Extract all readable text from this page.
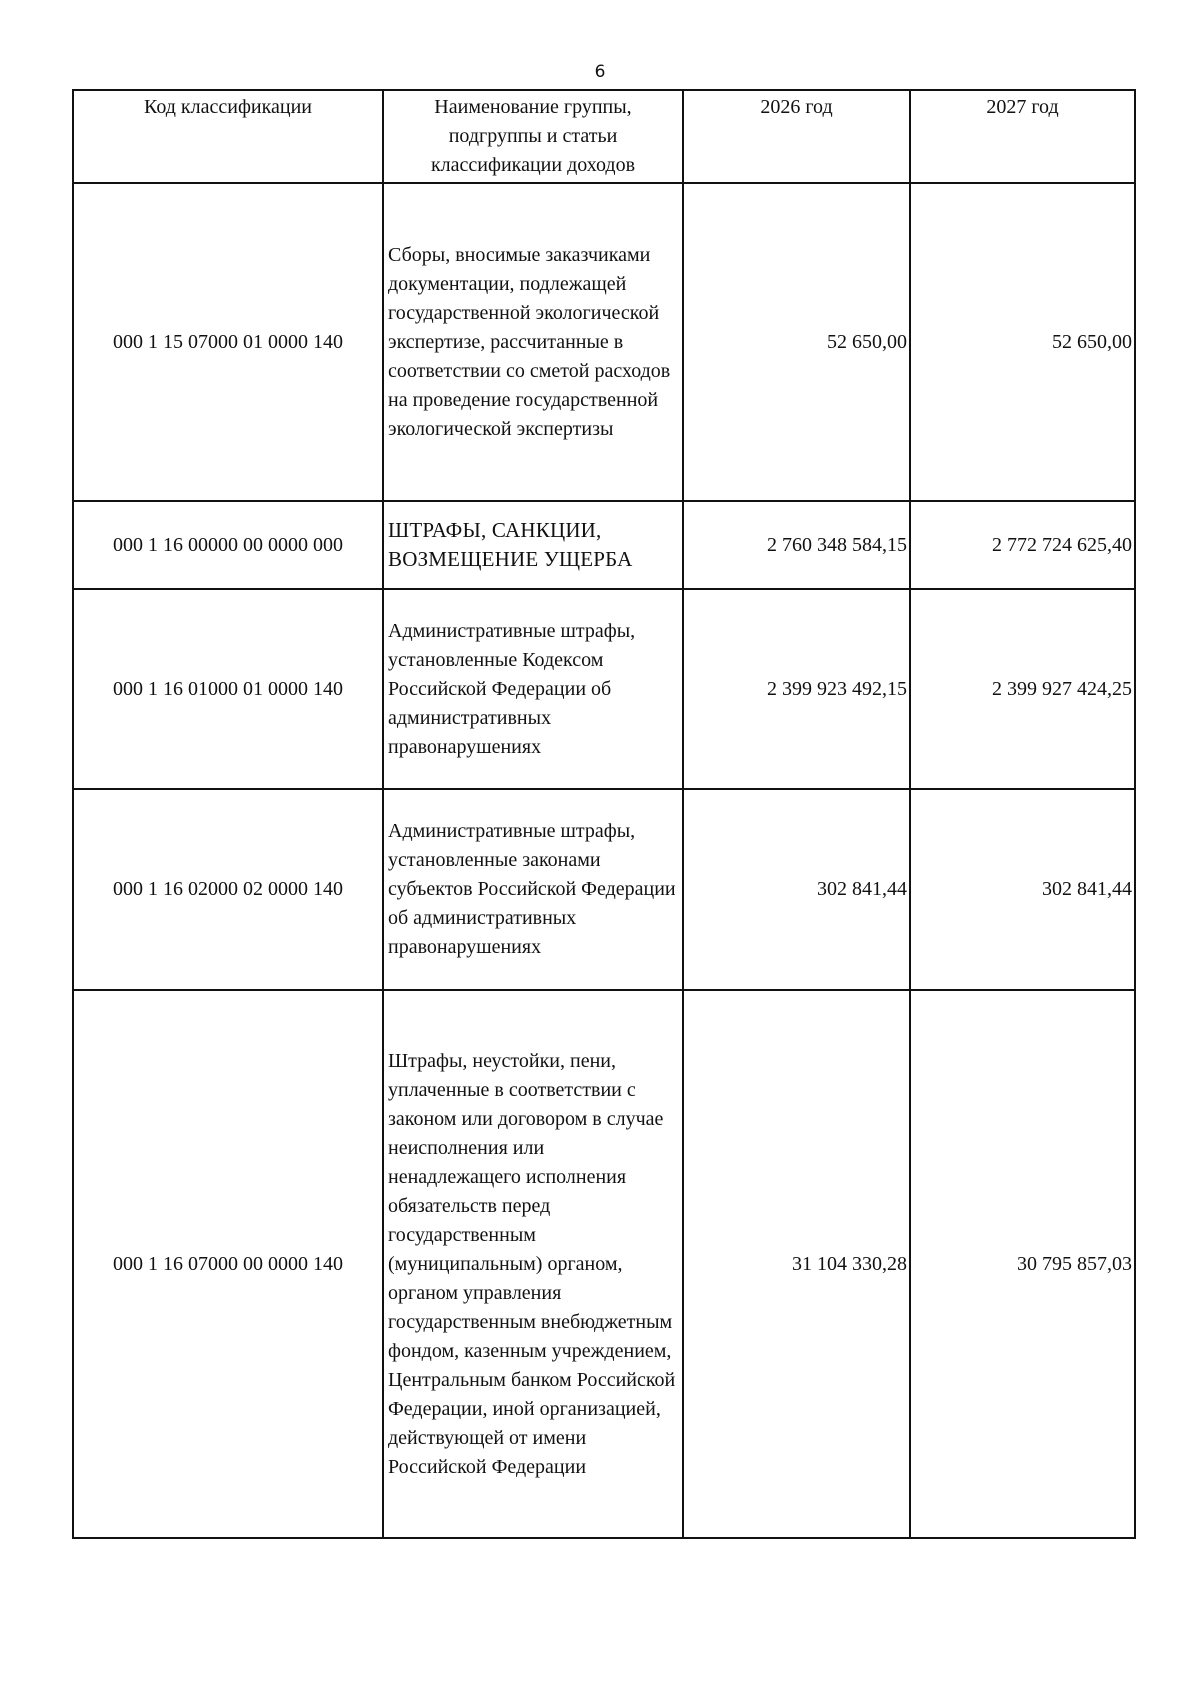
6
Код классификации	Наименование группы, подгруппы и статьи классификации доходов	2026 год	2027 год

000 1 15 07000 01 0000 140	Сборы, вносимые заказчиками документации, подлежащей государственной экологической экспертизе, рассчитанные в соответствии со сметой расходов на проведение государственной экологической экспертизы	52 650,00	52 650,00
000 1 16 00000 00 0000 000	ШТРАФЫ, САНКЦИИ, ВОЗМЕЩЕНИЕ УЩЕРБА	2 760 348 584,15	2 772 724 625,40
000 1 16 01000 01 0000 140	Административные штрафы, установленные Кодексом Российской Федерации об административных правонарушениях	2 399 923 492,15	2 399 927 424,25
000 1 16 02000 02 0000 140	Административные штрафы, установленные законами субъектов Российской Федерации об административных правонарушениях	302 841,44	302 841,44
000 1 16 07000 00 0000 140	Штрафы, неустойки, пени, уплаченные в соответствии с законом или договором в случае неисполнения или ненадлежащего исполнения обязательств перед государственным (муниципальным) органом, органом управления государственным внебюджетным фондом, казенным учреждением, Центральным банком Российской Федерации, иной организацией, действующей от имени Российской Федерации	31 104 330,28	30 795 857,03
